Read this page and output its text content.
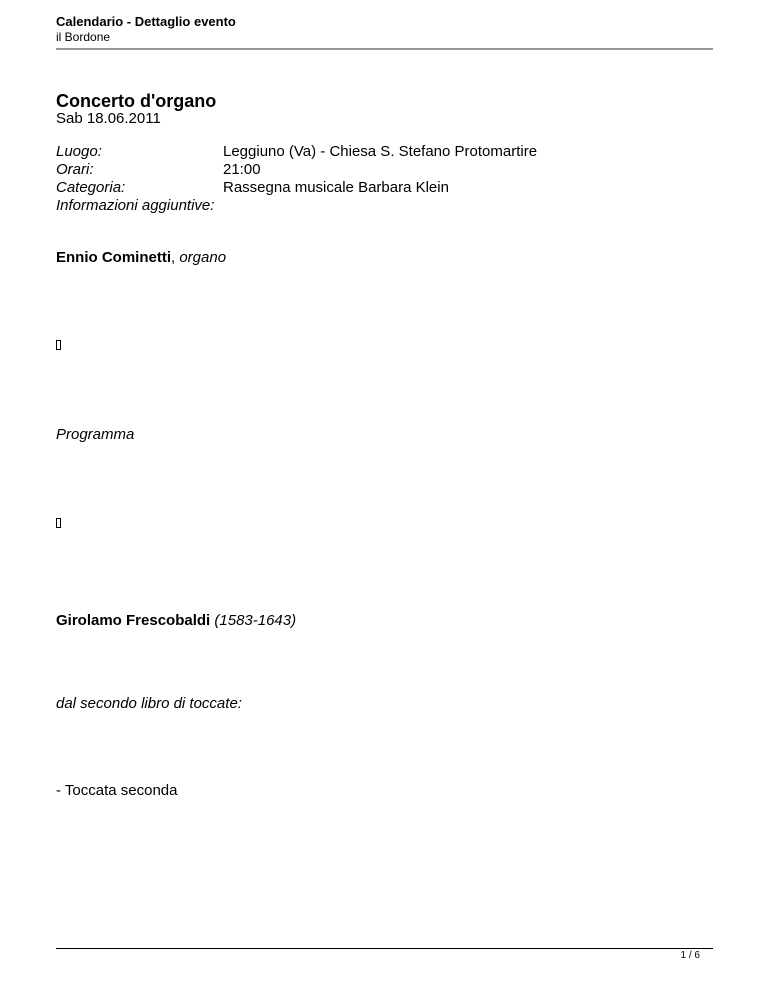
Calendario - Dettaglio evento
il Bordone
Concerto d'organo
Sab 18.06.2011
Luogo:	Leggiuno (Va) - Chiesa S. Stefano Protomartire
Orari:	21:00
Categoria:	Rassegna musicale Barbara Klein
Informazioni aggiuntive:
Ennio Cominetti, organo
Programma
Girolamo Frescobaldi (1583-1643)
dal secondo libro di toccate:
- Toccata seconda
1 / 6
